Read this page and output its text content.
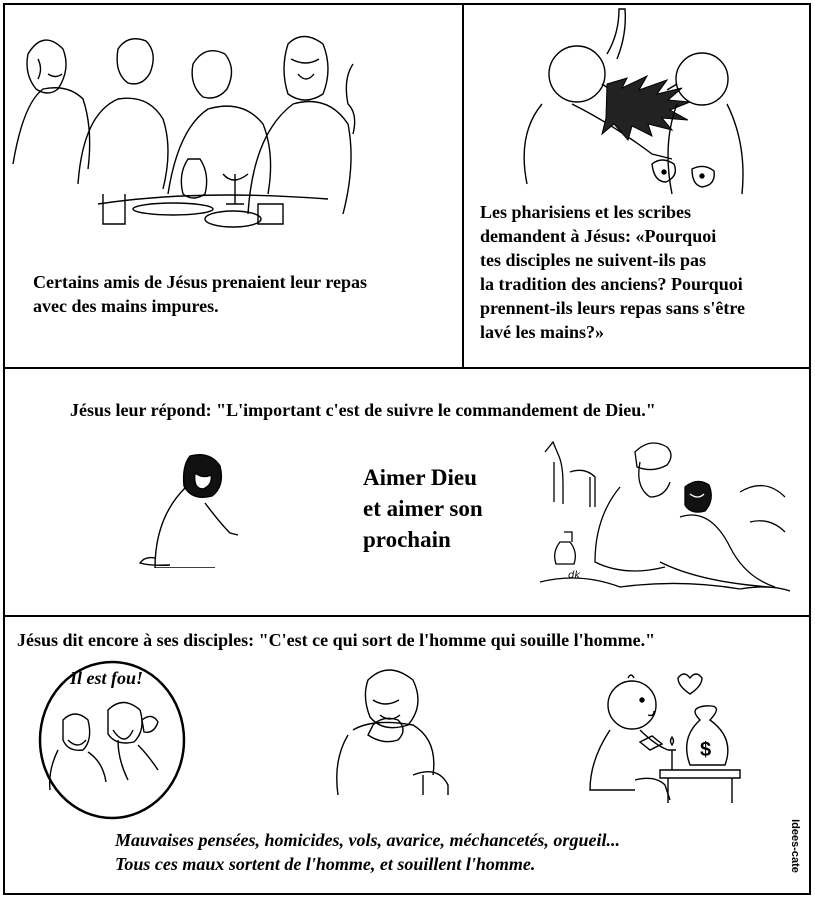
Certains amis de Jésus prenaient leur repas
avec des mains impures.
Les pharisiens et les scribes
demandent à Jésus: «Pourquoi
tes disciples ne suivent-ils pas
la tradition des anciens? Pourquoi
prennent-ils leurs repas sans s'être
lavé les mains?»
Jésus leur répond: "L'important c'est de suivre le commandement de Dieu."
Aimer Dieu
et aimer son
prochain
dk
Jésus dit encore à ses disciples: "C'est ce qui sort de l'homme qui souille l'homme."
Il est fou!
$
Mauvaises pensées, homicides, vols, avarice, méchancetés, orgueil...
Tous ces maux sortent de l'homme, et souillent l'homme.	Idees-cate
